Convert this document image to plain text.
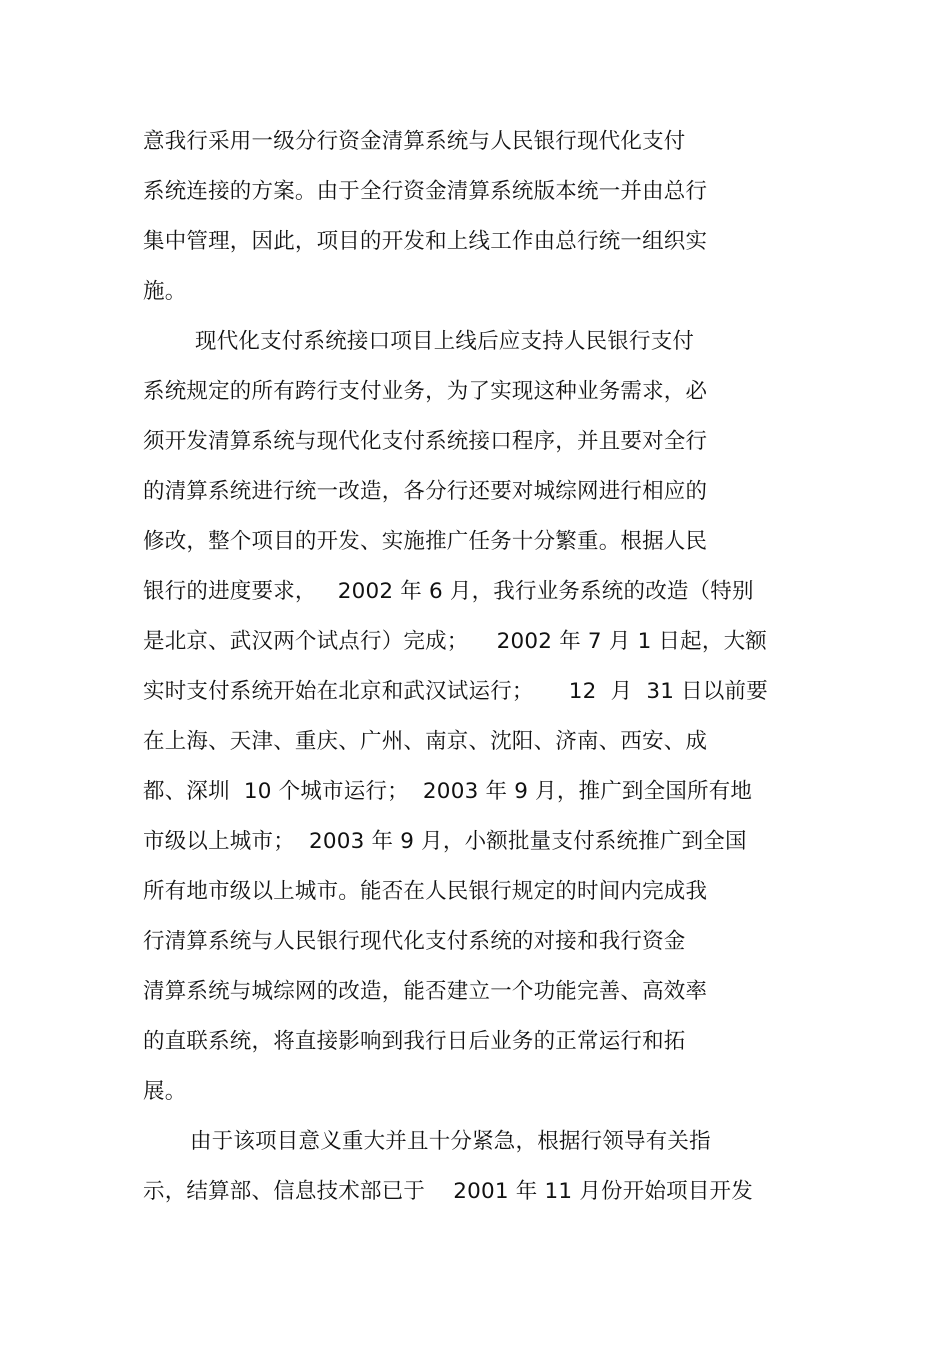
意我行采用一级分行资金清算系统与人民银行现代化支付
系统连接的方案。由于全行资金清算系统版本统一并由总行
集中管理，因此，项目的开发和上线工作由总行统一组织实
施。
现代化支付系统接口项目上线后应支持人民银行支付
系统规定的所有跨行支付业务，为了实现这种业务需求，必
须开发清算系统与现代化支付系统接口程序，并且要对全行
的清算系统进行统一改造，各分行还要对城综网进行相应的
修改，整个项目的开发、实施推广任务十分繁重。根据人民
银行的进度要求，   2002 年 6 月，我行业务系统的改造（特别
是北京、武汉两个试点行）完成；    2002 年 7 月 1 日起，大额
实时支付系统开始在北京和武汉试运行；     12  月  31 日以前要
在上海、天津、重庆、广州、南京、沈阳、济南、西安、成
都、深圳  10 个城市运行；  2003 年 9 月，推广到全国所有地
市级以上城市；  2003 年 9 月，小额批量支付系统推广到全国
所有地市级以上城市。能否在人民银行规定的时间内完成我
行清算系统与人民银行现代化支付系统的对接和我行资金
清算系统与城综网的改造，能否建立一个功能完善、高效率
的直联系统，将直接影响到我行日后业务的正常运行和拓
展。
由于该项目意义重大并且十分紧急，根据行领导有关指
示，结算部、信息技术部已于    2001 年 11 月份开始项目开发
